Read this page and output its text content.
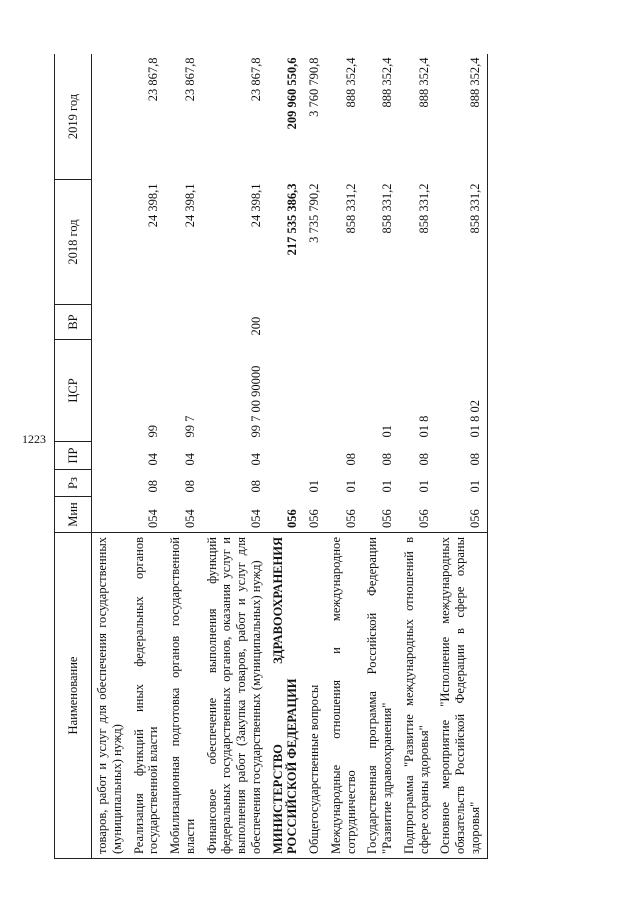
1223
Наименование	Мин	Рз	ПР	ЦСР	ВР	2018 год	2019 год
товаров, работ и услуг для обеспечения государственных (муниципальных) нужд)							
Реализация функций иных федеральных органов государственной власти	054	08	04	99		24 398,1	23 867,8
Мобилизационная подготовка органов государственной власти	054	08	04	99 7		24 398,1	23 867,8
Финансовое обеспечение выполнения функций федеральных государственных органов, оказания услуг и выполнения работ (Закупка товаров, работ и услуг для обеспечения государственных (муниципальных) нужд)	054	08	04	99 7 00 90000	200	24 398,1	23 867,8
МИНИСТЕРСТВО ЗДРАВООХРАНЕНИЯ РОССИЙСКОЙ ФЕДЕРАЦИИ	056					217 535 386,3	209 960 550,6
Общегосударственные вопросы	056	01				3 735 790,2	3 760 790,8
Международные отношения и международное сотрудничество	056	01	08			858 331,2	888 352,4
Государственная программа Российской Федерации "Развитие здравоохранения"	056	01	08	01		858 331,2	888 352,4
Подпрограмма "Развитие международных отношений в сфере охраны здоровья"	056	01	08	01 8		858 331,2	888 352,4
Основное мероприятие "Исполнение международных обязательств Российской Федерации в сфере охраны здоровья"	056	01	08	01 8 02		858 331,2	888 352,4
